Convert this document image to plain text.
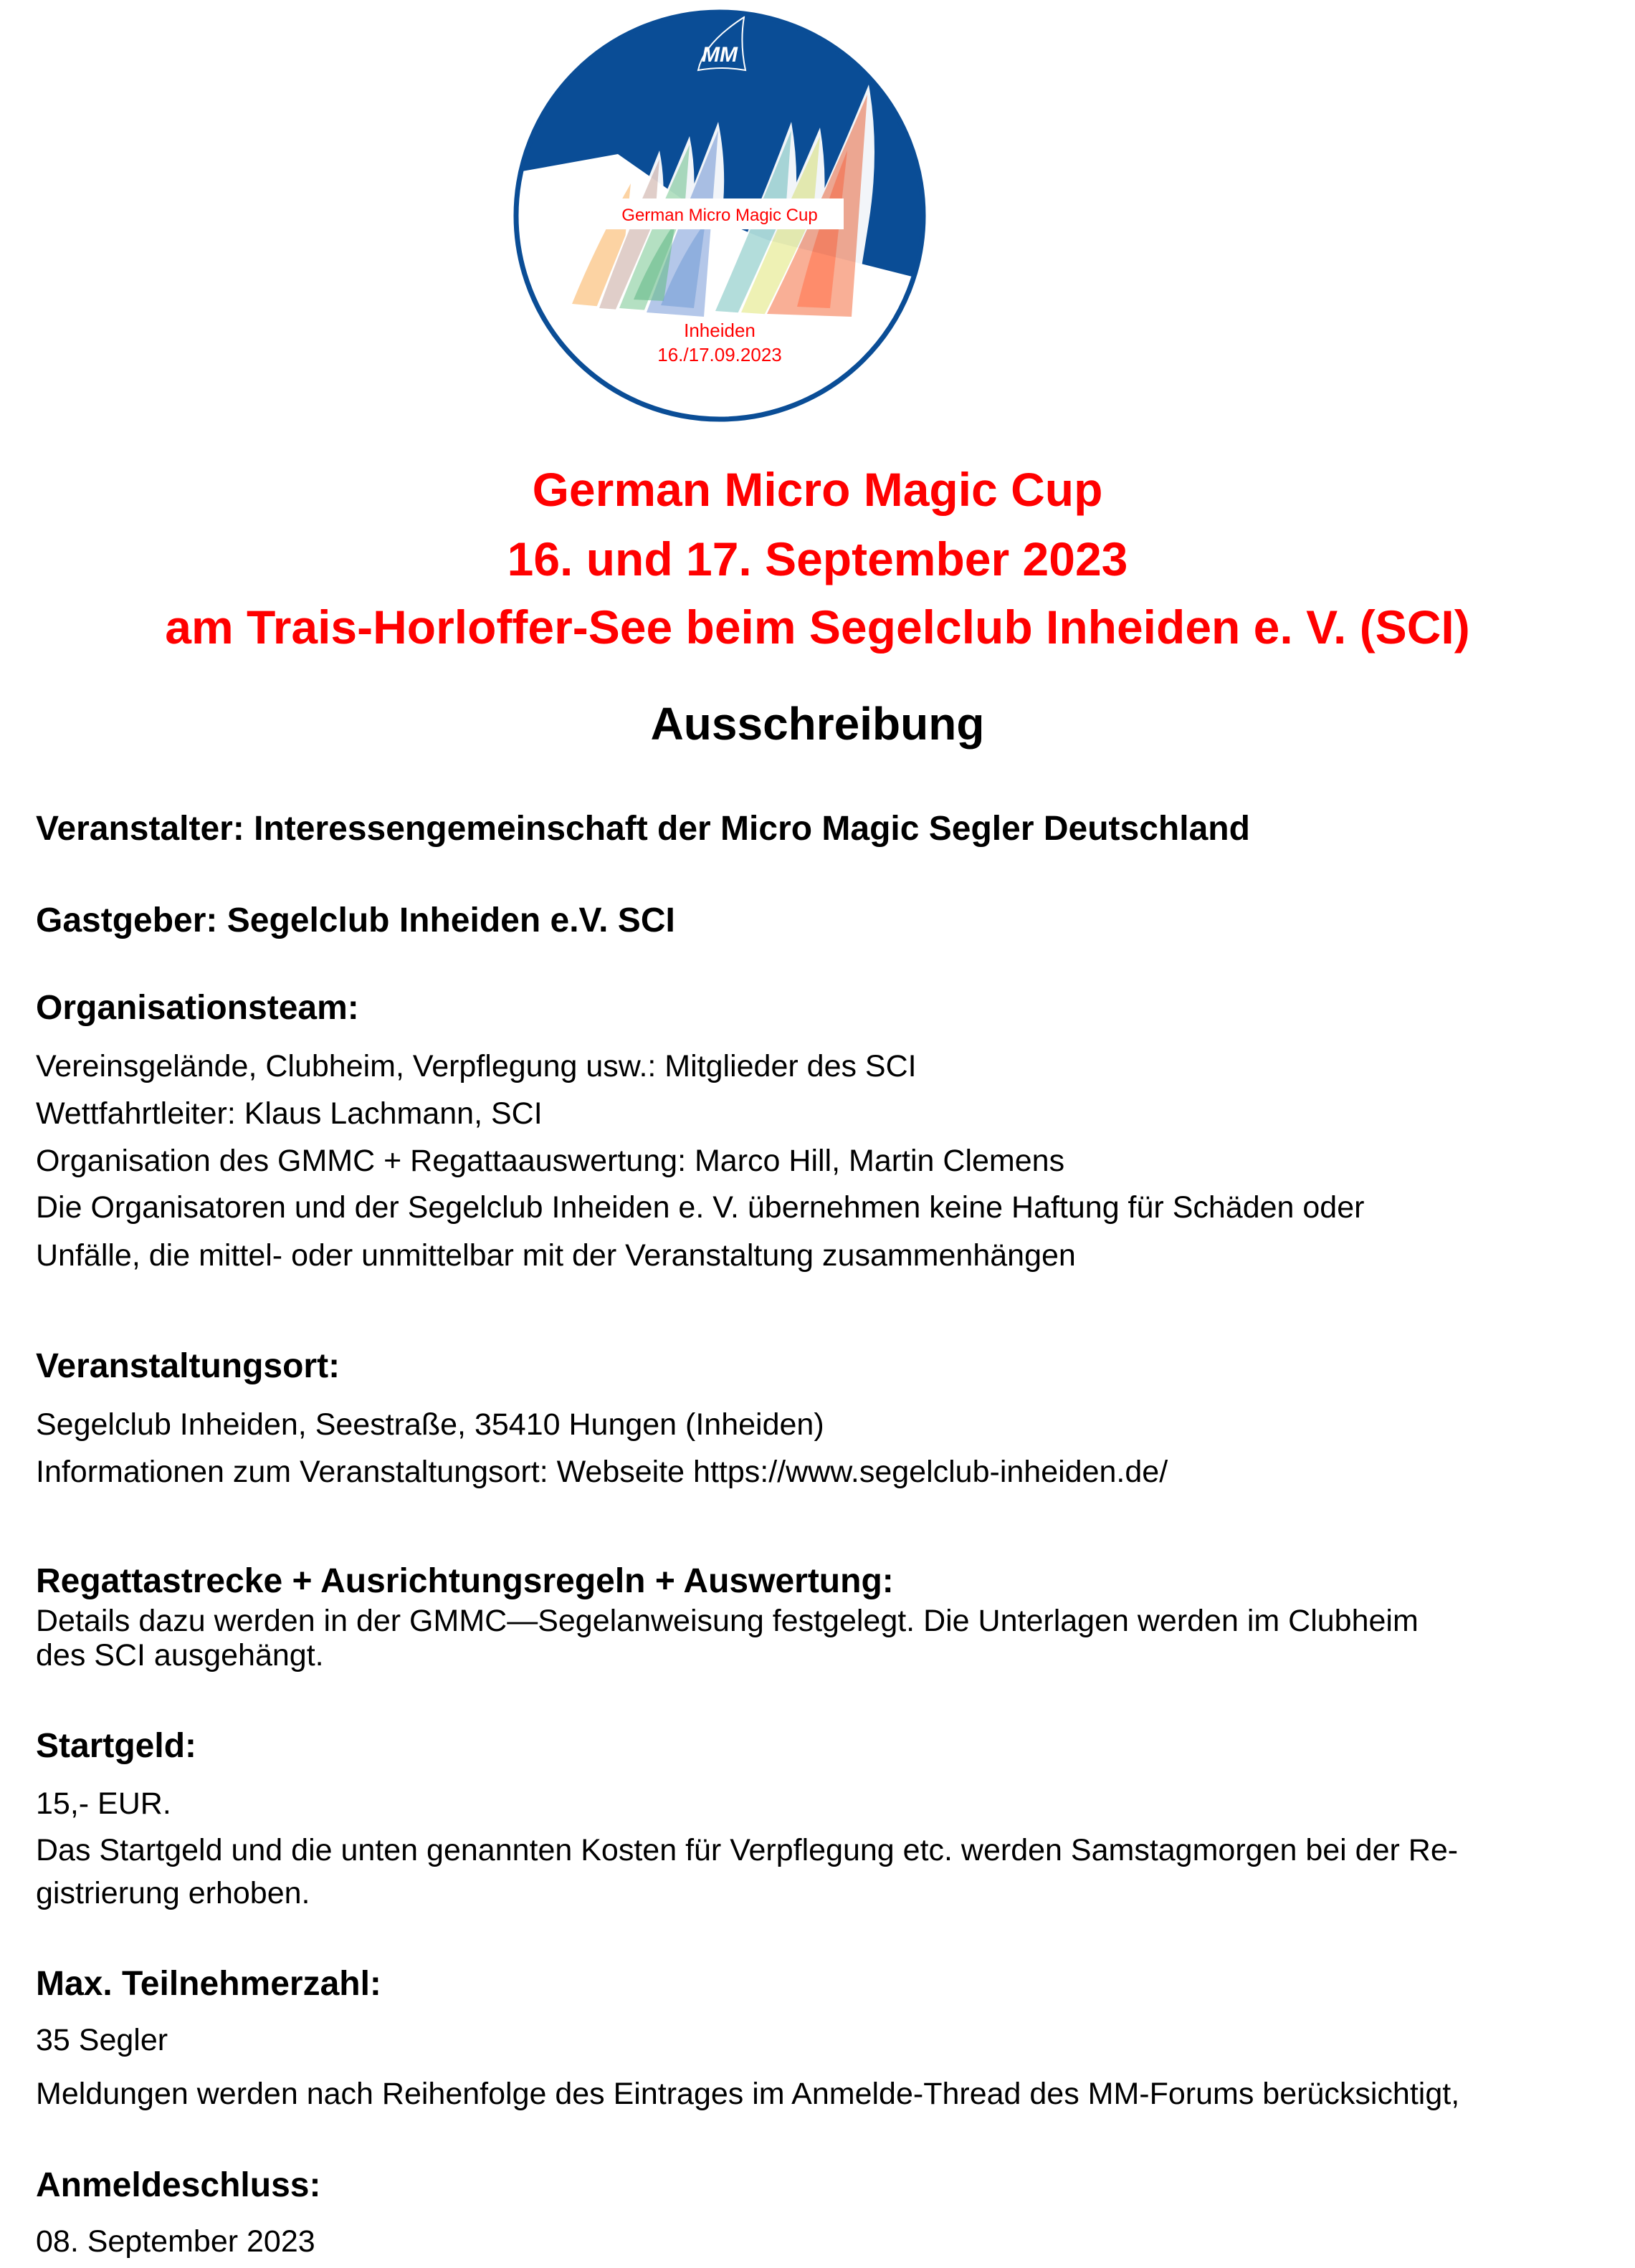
German Micro Magic Cup
MM
Inheiden
16./17.09.2023
German Micro Magic Cup
16. und 17. September 2023
am Trais-Horloffer-See beim Segelclub Inheiden e. V. (SCI)
Ausschreibung
Veranstalter: Interessengemeinschaft der Micro Magic Segler Deutschland
Gastgeber: Segelclub Inheiden e.V. SCI
Organisationsteam:
Vereinsgelände, Clubheim, Verpflegung usw.: Mitglieder des SCI
Wettfahrtleiter: Klaus Lachmann, SCI
Organisation des GMMC + Regattaauswertung: Marco Hill, Martin Clemens
Die Organisatoren und der Segelclub Inheiden e. V. übernehmen keine Haftung für Schäden oder
Unfälle, die mittel- oder unmittelbar mit der Veranstaltung zusammenhängen
Veranstaltungsort:
Segelclub Inheiden, Seestraße, 35410 Hungen (Inheiden)
Informationen zum Veranstaltungsort: Webseite https://www.segelclub-inheiden.de/
Regattastrecke + Ausrichtungsregeln + Auswertung:
Details dazu werden in der GMMC—Segelanweisung festgelegt. Die Unterlagen werden im Clubheim
des SCI ausgehängt.
Startgeld:
15,- EUR.
Das Startgeld und die unten genannten Kosten für Verpflegung etc. werden Samstagmorgen bei der Re-
gistrierung erhoben.
Max. Teilnehmerzahl:
35 Segler
Meldungen werden nach Reihenfolge des Eintrages im Anmelde-Thread des MM-Forums berücksichtigt,
Anmeldeschluss:
08. September 2023
